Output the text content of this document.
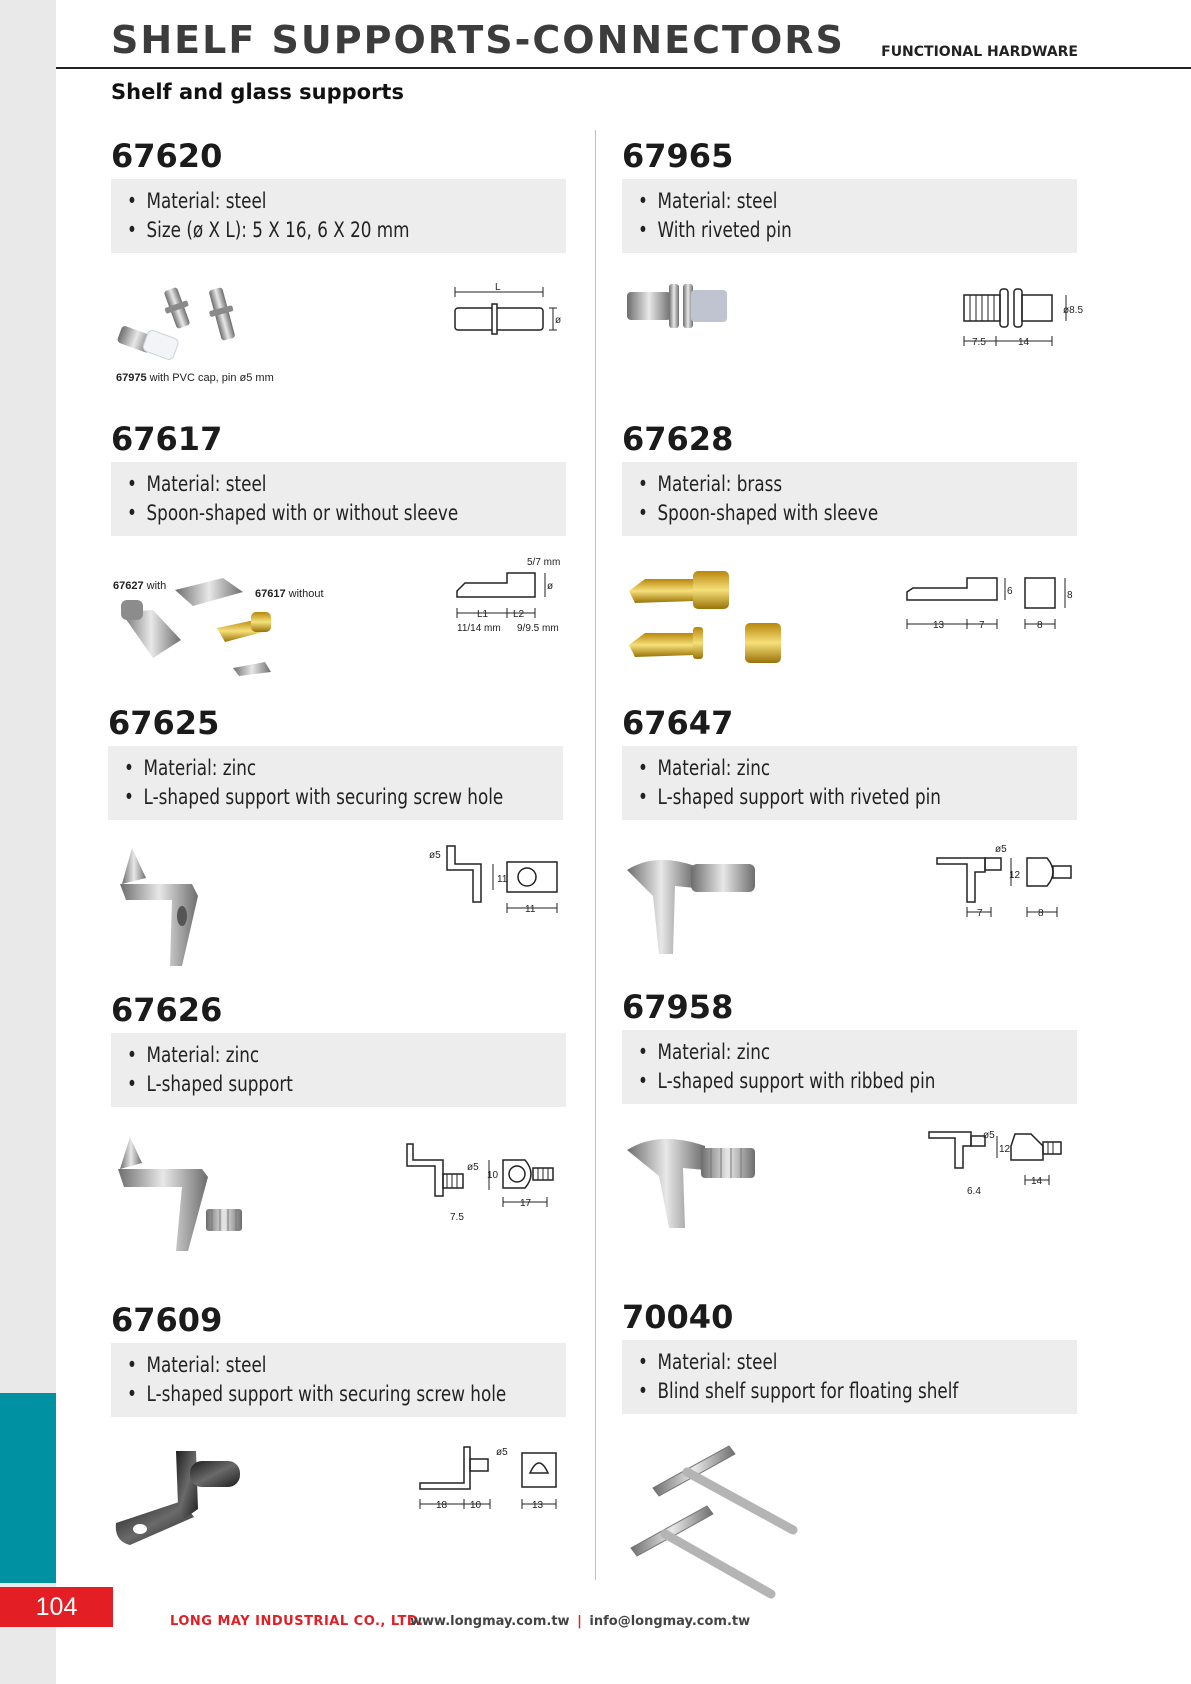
104
SHELF SUPPORTS-CONNECTORS	FUNCTIONAL HARDWARE
Shelf and glass supports
67620
• Material: steel
• Size (ø X L): 5 X 16, 6 X 20 mm
67975 with PVC cap, pin ø5 mm
L
ø
67965
• Material: steel
• With riveted pin
ø8.5
7.5	14
67617
• Material: steel
• Spoon-shaped with or without sleeve
67627 with
67617 without
5/7 mm
ø
L1 L2
11/14 mm 9/9.5 mm
67628
• Material: brass
• Spoon-shaped with sleeve
6	8
13	7	8
67625
• Material: zinc
• L-shaped support with securing screw hole
ø5
11
11
67647
• Material: zinc
• L-shaped support with riveted pin
ø5
12
7	8
67626
• Material: zinc
• L-shaped support
ø5
10
7.5
17
67958
• Material: zinc
• L-shaped support with ribbed pin
ø5
12
6.4
14
67609
• Material: steel
• L-shaped support with securing screw hole
ø5
18 10	13
70040
• Material: steel
• Blind shelf support for floating shelf
LONG MAY INDUSTRIAL CO., LTD.
www.longmay.com.tw | info@longmay.com.tw
